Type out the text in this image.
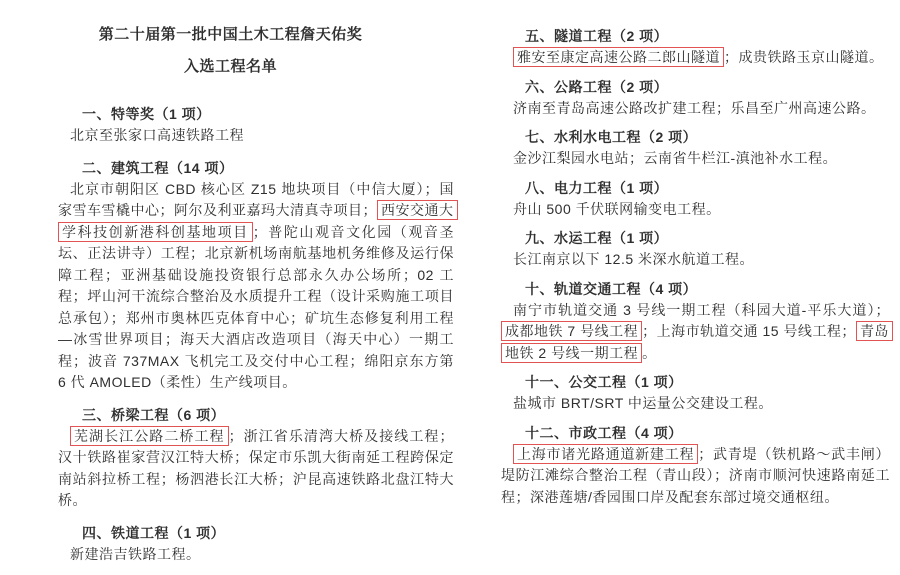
第二十届第一批中国土木工程詹天佑奖

入选工程名单

一、特等奖（1 项）

北京至张家口高速铁路工程

二、建筑工程（14 项）

北京市朝阳区 CBD 核心区 Z15 地块项目（中信大厦）；国家雪车雪橇中心；阿尔及利亚嘉玛大清真寺项目； 西安交通大学科技创新港科创基地项目 ；普陀山观音文化园（观音圣坛、正法讲寺）工程；北京新机场南航基地机务维修及运行保障工程；亚洲基础设施投资银行总部永久办公场所；02 工程；坪山河干流综合整治及水质提升工程（设计采购施工项目总承包）；郑州市奥林匹克体育中心；矿坑生态修复利用工程—冰雪世界项目；海天大酒店改造项目（海天中心）一期工程；波音 737MAX 飞机完工及交付中心工程；绵阳京东方第 6 代 AMOLED（柔性）生产线项目。

三、桥梁工程（6 项）

芜湖长江公路二桥工程 ；浙江省乐清湾大桥及接线工程；汉十铁路崔家营汉江特大桥；保定市乐凯大街南延工程跨保定南站斜拉桥工程；杨泗港长江大桥；沪昆高速铁路北盘江特大桥。

四、铁道工程（1 项）

新建浩吉铁路工程。

五、隧道工程（2 项）

雅安至康定高速公路二郎山隧道 ；成贵铁路玉京山隧道。

六、公路工程（2 项）

济南至青岛高速公路改扩建工程；乐昌至广州高速公路。

七、水利水电工程（2 项）

金沙江梨园水电站；云南省牛栏江-滇池补水工程。

八、电力工程（1 项）

舟山 500 千伏联网输变电工程。

九、水运工程（1 项）

长江南京以下 12.5 米深水航道工程。

十、轨道交通工程（4 项）

南宁市轨道交通 3 号线一期工程（科园大道-平乐大道）；成都地铁 7 号线工程 ；上海市轨道交通 15 号线工程； 青岛地铁 2 号线一期工程 。

十一、公交工程（1 项）

盐城市 BRT/SRT 中运量公交建设工程。

十二、市政工程（4 项）

上海市诸光路通道新建工程 ；武青堤（铁机路～武丰闸）堤防江滩综合整治工程（青山段）；济南市顺河快速路南延工程；深港莲塘/香园围口岸及配套东部过境交通枢纽。
